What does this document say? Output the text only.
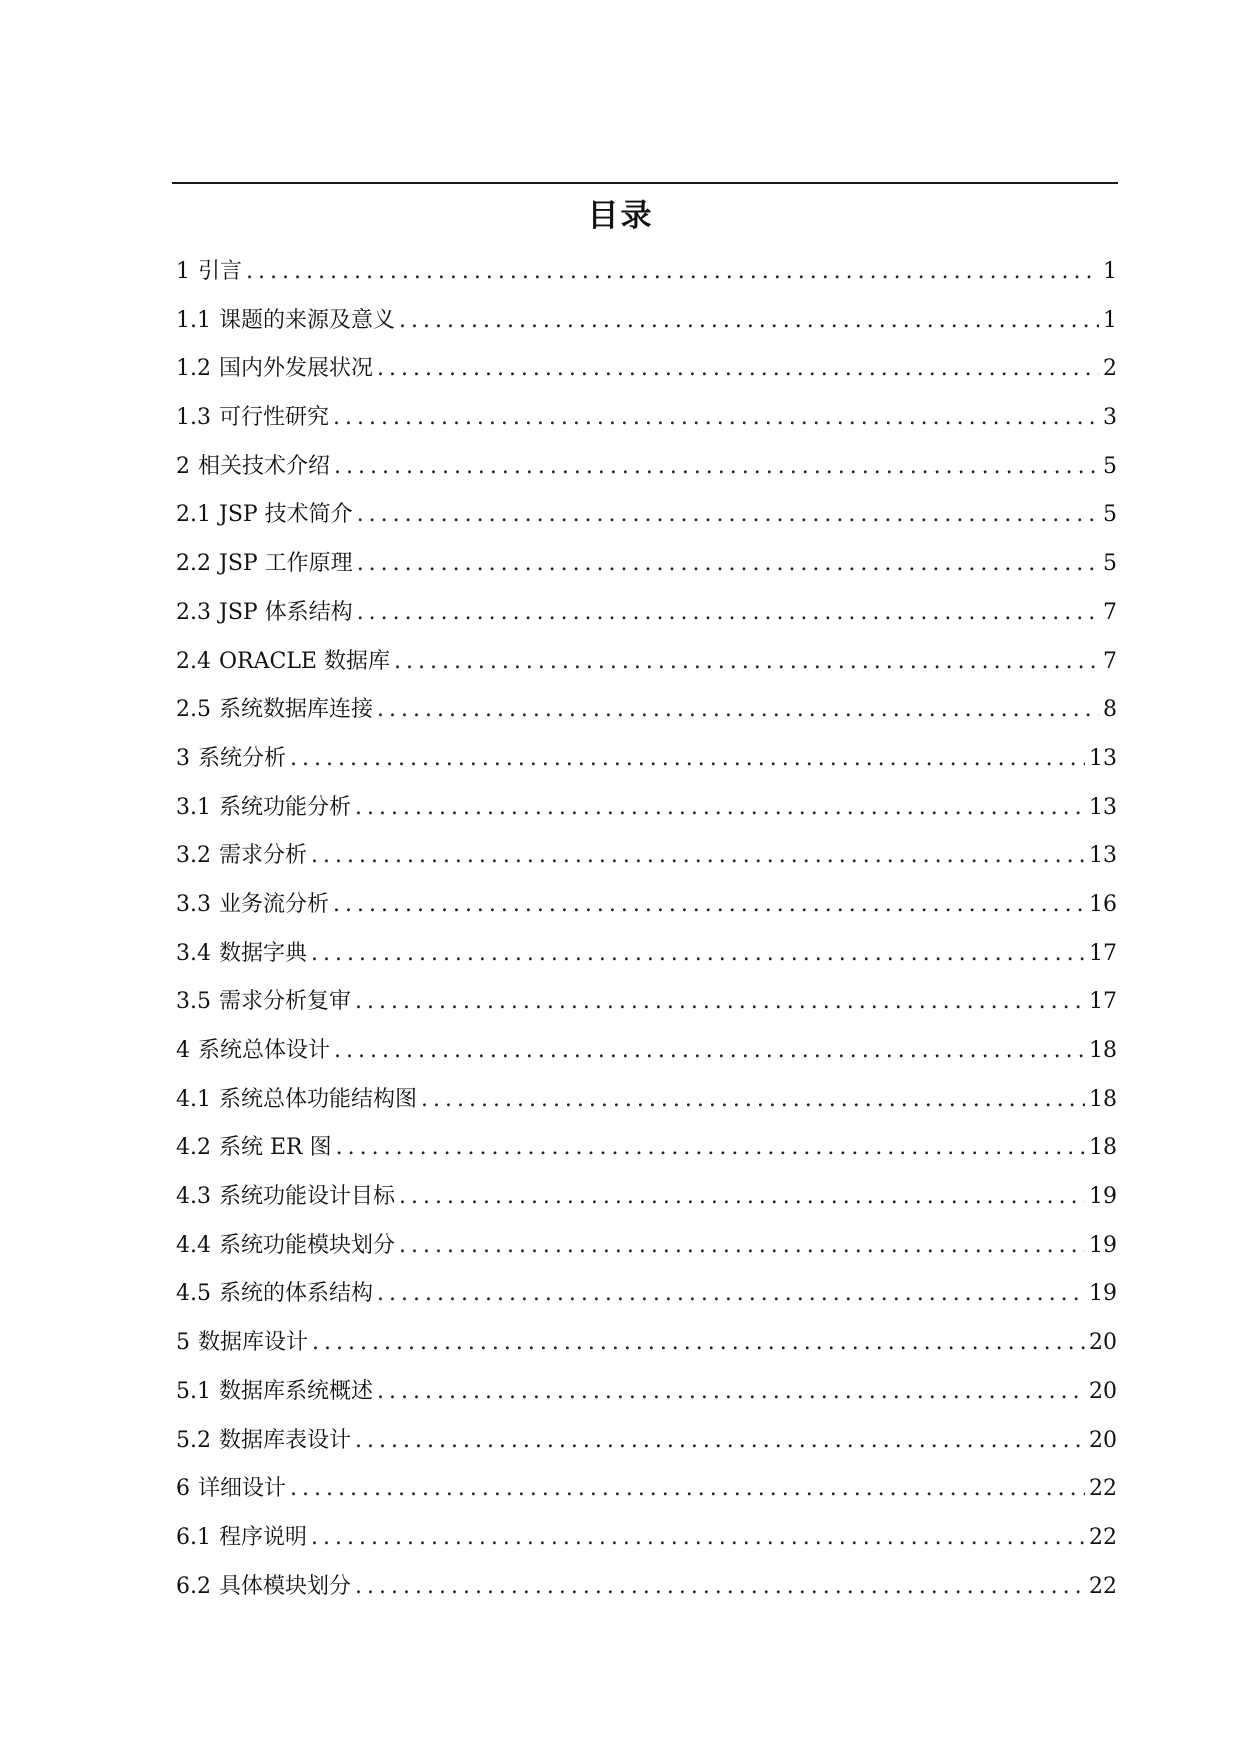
目录
1 引言 .....	1
1.1 课题的来源及意义 .....	1
1.2 国内外发展状况 .....	2
1.3 可行性研究 .....	3
2 相关技术介绍 .....	5
2.1 JSP 技术简介 .....	5
2.2 JSP 工作原理 .....	5
2.3 JSP 体系结构 .....	7
2.4 ORACLE 数据库 .....	7
2.5 系统数据库连接 .....	8
3 系统分析 .....	13
3.1 系统功能分析 .....	13
3.2 需求分析 .....	13
3.3 业务流分析 .....	16
3.4 数据字典 .....	17
3.5 需求分析复审 .....	17
4 系统总体设计 .....	18
4.1 系统总体功能结构图 .....	18
4.2 系统 ER 图 .....	18
4.3 系统功能设计目标 .....	19
4.4 系统功能模块划分 .....	19
4.5 系统的体系结构 .....	19
5 数据库设计 .....	20
5.1 数据库系统概述 .....	20
5.2 数据库表设计 .....	20
6 详细设计 .....	22
6.1 程序说明 .....	22
6.2 具体模块划分 .....	22
